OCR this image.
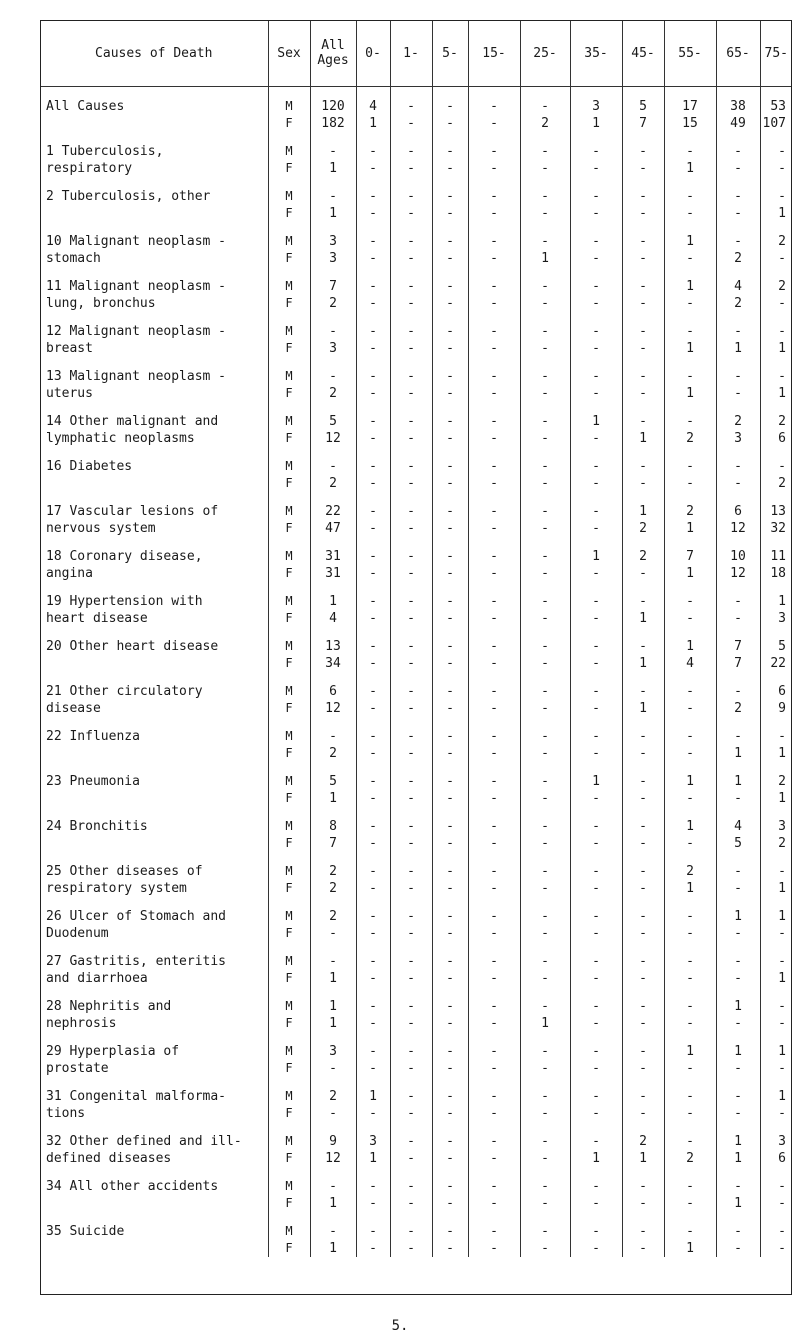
Causes of Death	Sex	All
Ages	0-	1-	5-	15-	25-	35-	45-	55-	65-	75-

All Causes	M	120	4	-	-	-	-	3	5	17	38	53
	F	182	1	-	-	-	2	1	7	15	49	107

1 Tuberculosis,	M	-	-	-	-	-	-	-	-	-	-	-
respiratory	F	1	-	-	-	-	-	-	-	1	-	-

2 Tuberculosis, other	M	-	-	-	-	-	-	-	-	-	-	-
	F	1	-	-	-	-	-	-	-	-	-	1

10 Malignant neoplasm -	M	3	-	-	-	-	-	-	-	1	-	2
stomach	F	3	-	-	-	-	1	-	-	-	2	-

11 Malignant neoplasm -	M	7	-	-	-	-	-	-	-	1	4	2
lung, bronchus	F	2	-	-	-	-	-	-	-	-	2	-

12 Malignant neoplasm -	M	-	-	-	-	-	-	-	-	-	-	-
breast	F	3	-	-	-	-	-	-	-	1	1	1

13 Malignant neoplasm -	M	-	-	-	-	-	-	-	-	-	-	-
uterus	F	2	-	-	-	-	-	-	-	1	-	1

14 Other malignant and	M	5	-	-	-	-	-	1	-	-	2	2
lymphatic neoplasms	F	12	-	-	-	-	-	-	1	2	3	6

16 Diabetes	M	-	-	-	-	-	-	-	-	-	-	-
	F	2	-	-	-	-	-	-	-	-	-	2

17 Vascular lesions of	M	22	-	-	-	-	-	-	1	2	6	13
nervous system	F	47	-	-	-	-	-	-	2	1	12	32

18 Coronary disease,	M	31	-	-	-	-	-	1	2	7	10	11
angina	F	31	-	-	-	-	-	-	-	1	12	18

19 Hypertension with	M	1	-	-	-	-	-	-	-	-	-	1
heart disease	F	4	-	-	-	-	-	-	1	-	-	3

20 Other heart disease	M	13	-	-	-	-	-	-	-	1	7	5
	F	34	-	-	-	-	-	-	1	4	7	22

21 Other circulatory	M	6	-	-	-	-	-	-	-	-	-	6
disease	F	12	-	-	-	-	-	-	1	-	2	9

22 Influenza	M	-	-	-	-	-	-	-	-	-	-	-
	F	2	-	-	-	-	-	-	-	-	1	1

23 Pneumonia	M	5	-	-	-	-	-	1	-	1	1	2
	F	1	-	-	-	-	-	-	-	-	-	1

24 Bronchitis	M	8	-	-	-	-	-	-	-	1	4	3
	F	7	-	-	-	-	-	-	-	-	5	2

25 Other diseases of	M	2	-	-	-	-	-	-	-	2	-	-
respiratory system	F	2	-	-	-	-	-	-	-	1	-	1

26 Ulcer of Stomach and	M	2	-	-	-	-	-	-	-	-	1	1
Duodenum	F	-	-	-	-	-	-	-	-	-	-	-

27 Gastritis, enteritis	M	-	-	-	-	-	-	-	-	-	-	-
and diarrhoea	F	1	-	-	-	-	-	-	-	-	-	1

28 Nephritis and	M	1	-	-	-	-	-	-	-	-	1	-
nephrosis	F	1	-	-	-	-	1	-	-	-	-	-

29 Hyperplasia of	M	3	-	-	-	-	-	-	-	1	1	1
prostate	F	-	-	-	-	-	-	-	-	-	-	-

31 Congenital malforma-	M	2	1	-	-	-	-	-	-	-	-	1
tions	F	-	-	-	-	-	-	-	-	-	-	-

32 Other defined and ill-	M	9	3	-	-	-	-	-	2	-	1	3
defined diseases	F	12	1	-	-	-	-	1	1	2	1	6

34 All other accidents	M	-	-	-	-	-	-	-	-	-	-	-
	F	1	-	-	-	-	-	-	-	-	1	-

35 Suicide	M	-	-	-	-	-	-	-	-	-	-	-
	F	1	-	-	-	-	-	-	-	1	-	-
5.
